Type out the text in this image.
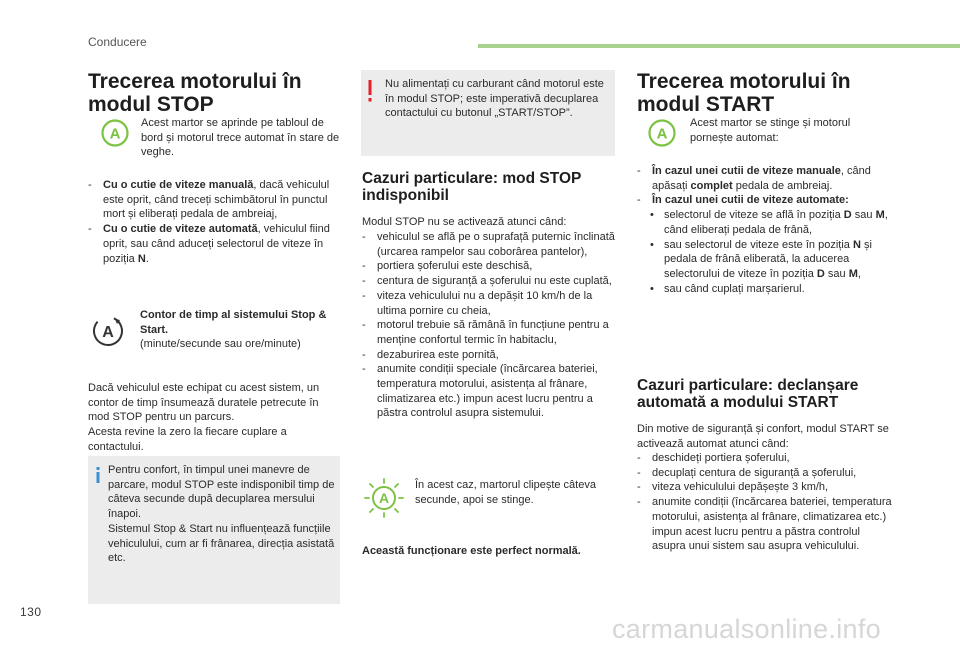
Conducere
Trecerea motorului în
modul STOP
A
Acest martor se aprinde pe tabloul de bord și motorul trece automat în stare de veghe.
- Cu o cutie de viteze manuală, dacă vehiculul este oprit, când treceți schimbătorul în punctul mort și eliberați pedala de ambreiaj,
- Cu o cutie de viteze automată, vehiculul fiind oprit, sau când aduceți selectorul de viteze în poziția N.
A
Contor de timp al sistemului Stop & Start.
(minute/secunde sau ore/minute)
Dacă vehiculul este echipat cu acest sistem, un contor de timp însumează duratele petrecute în mod STOP pentru un parcurs.
Acesta revine la zero la fiecare cuplare a contactului.
Pentru confort, în timpul unei manevre de parcare, modul STOP este indisponibil timp de câteva secunde după decuplarea mersului înapoi.
Sistemul Stop & Start nu influențează funcțiile vehiculului, cum ar fi frânarea, direcția asistată etc.
Nu alimentați cu carburant când motorul este în modul STOP; este imperativă decuplarea contactului cu butonul „START/STOP”.
Cazuri particulare: mod STOP
indisponibil
Modul STOP nu se activează atunci când:
- vehiculul se află pe o suprafață puternic înclinată (urcarea rampelor sau coborârea pantelor),
- portiera șoferului este deschisă,
- centura de siguranță a șoferului nu este cuplată,
- viteza vehiculului nu a depășit 10 km/h de la ultima pornire cu cheia,
- motorul trebuie să rămână în funcțiune pentru a menține confortul termic în habitaclu,
- dezaburirea este pornită,
- anumite condiții speciale (încărcarea bateriei, temperatura motorului, asistența al frânare, climatizarea etc.) impun acest lucru pentru a păstra controlul asupra sistemului.
A
În acest caz, martorul clipește câteva secunde, apoi se stinge.
Această funcționare este perfect normală.
Trecerea motorului în
modul START
A
Acest martor se stinge și motorul pornește automat:
- În cazul unei cutii de viteze manuale, când apăsați complet pedala de ambreiaj.
- În cazul unei cutii de viteze automate:
• selectorul de viteze se află în poziția D sau M, când eliberați pedala de frână,
• sau selectorul de viteze este în poziția N și pedala de frână eliberată, la aducerea selectorului de viteze în poziția D sau M,
• sau când cuplați marșarierul.
Cazuri particulare: declanșare
automată a modului START
Din motive de siguranță și confort, modul START se activează automat atunci când:
- deschideți portiera șoferului,
- decuplați centura de siguranță a șoferului,
- viteza vehiculului depășește 3 km/h,
- anumite condiții (încărcarea bateriei, temperatura motorului, asistența al frânare, climatizarea etc.) impun acest lucru pentru a păstra controlul asupra unui sistem sau asupra vehiculului.
130
carmanualsonline.info
